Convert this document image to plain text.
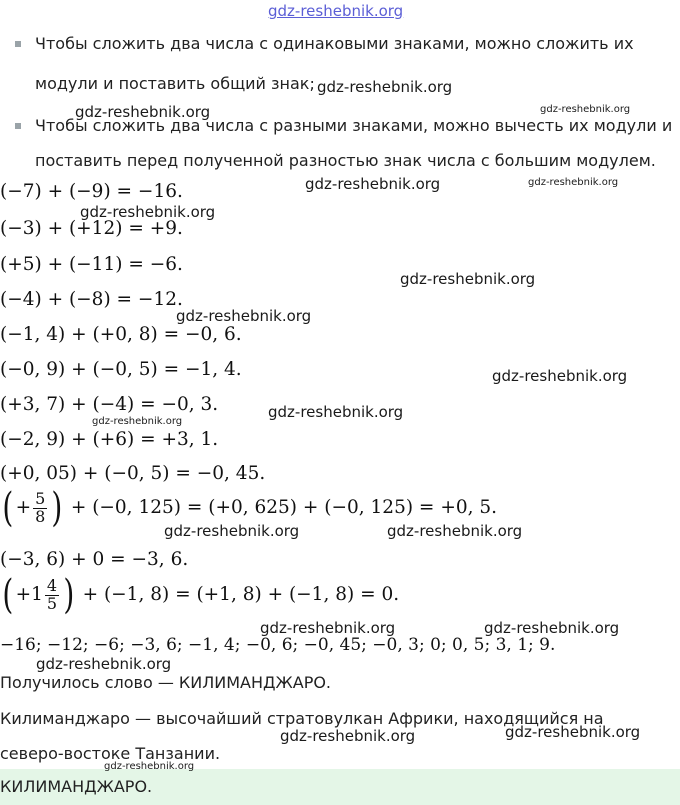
gdz-reshebnik.org
Чтобы сложить два числа с одинаковыми знаками, можно сложить их
модули и поставить общий знак;
Чтобы сложить два числа с разными знаками, можно вычесть их модули и
поставить перед полученной разностью знак числа с большим модулем.
(−7) + (−9) = −16.
(−3) + (+12) = +9.
(+5) + (−11) = −6.
(−4) + (−8) = −12.
(−1, 4) + (+0, 8) = −0, 6.
(−0, 9) + (−0, 5) = −1, 4.
(+3, 7) + (−4) = −0, 3.
(−2, 9) + (+6) = +3, 1.
(+0, 05) + (−0, 5) = −0, 45.
( + $\frac{5}{8}$ ) + (−0, 125) = (+0, 625) + (−0, 125) = +0, 5.
(−3, 6) + 0 = −3, 6.
( $+1 \frac{4}{5}$ ) + (−1, 8) = (+1, 8) + (−1, 8) = 0.
−16; −12; −6; −3, 6; −1, 4; −0, 6; −0, 45; −0, 3; 0; 0, 5; 3, 1; 9.
Получилось слово — КИЛИМАНДЖАРО.
Килиманджаро — высочайший стратовулкан Африки, находящийся на
северо-востоке Танзании.
КИЛИМАНДЖАРО.
gdz-reshebnik.org
gdz-reshebnik.org	gdz-reshebnik.org
gdz-reshebnik.org	gdz-reshebnik.org
gdz-reshebnik.org
gdz-reshebnik.org
gdz-reshebnik.org
gdz-reshebnik.org
gdz-reshebnik.org
gdz-reshebnik.org
gdz-reshebnik.org	gdz-reshebnik.org
gdz-reshebnik.org	gdz-reshebnik.org
gdz-reshebnik.org
gdz-reshebnik.org	gdz-reshebnik.org
gdz-reshebnik.org
